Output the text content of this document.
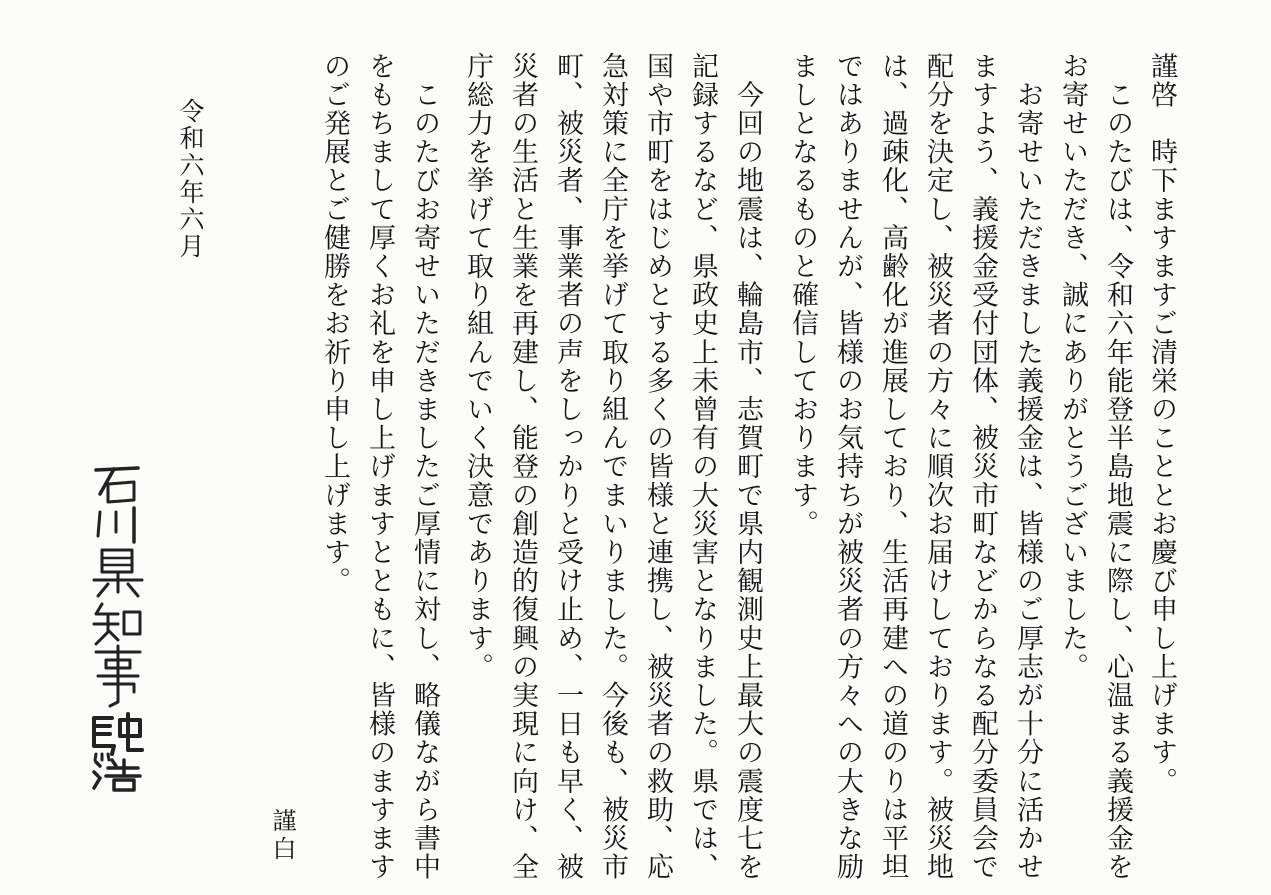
謹啓　時下ますますご清栄のこととお慶び申し上げます。
　このたびは、令和六年能登半島地震に際し、心温まる義援金を
お寄せいただき、誠にありがとうございました。
　お寄せいただきました義援金は、皆様のご厚志が十分に活かせ
ますよう、義援金受付団体、被災市町などからなる配分委員会で
配分を決定し、被災者の方々に順次お届けしております。被災地
は、過疎化、高齢化が進展しており、生活再建への道のりは平坦
ではありませんが、皆様のお気持ちが被災者の方々への大きな励
ましとなるものと確信しております。
　今回の地震は、輪島市、志賀町で県内観測史上最大の震度七を
記録するなど、県政史上未曾有の大災害となりました。県では、
国や市町をはじめとする多くの皆様と連携し、被災者の救助、応
急対策に全庁を挙げて取り組んでまいりました。今後も、被災市
町、被災者、事業者の声をしっかりと受け止め、一日も早く、被
災者の生活と生業を再建し、能登の創造的復興の実現に向け、全
庁総力を挙げて取り組んでいく決意であります。
　このたびお寄せいただきましたご厚情に対し、略儀ながら書中
をもちまして厚くお礼を申し上げますとともに、皆様のますます
のご発展とご健勝をお祈り申し上げます。
謹白
令和六年六月
